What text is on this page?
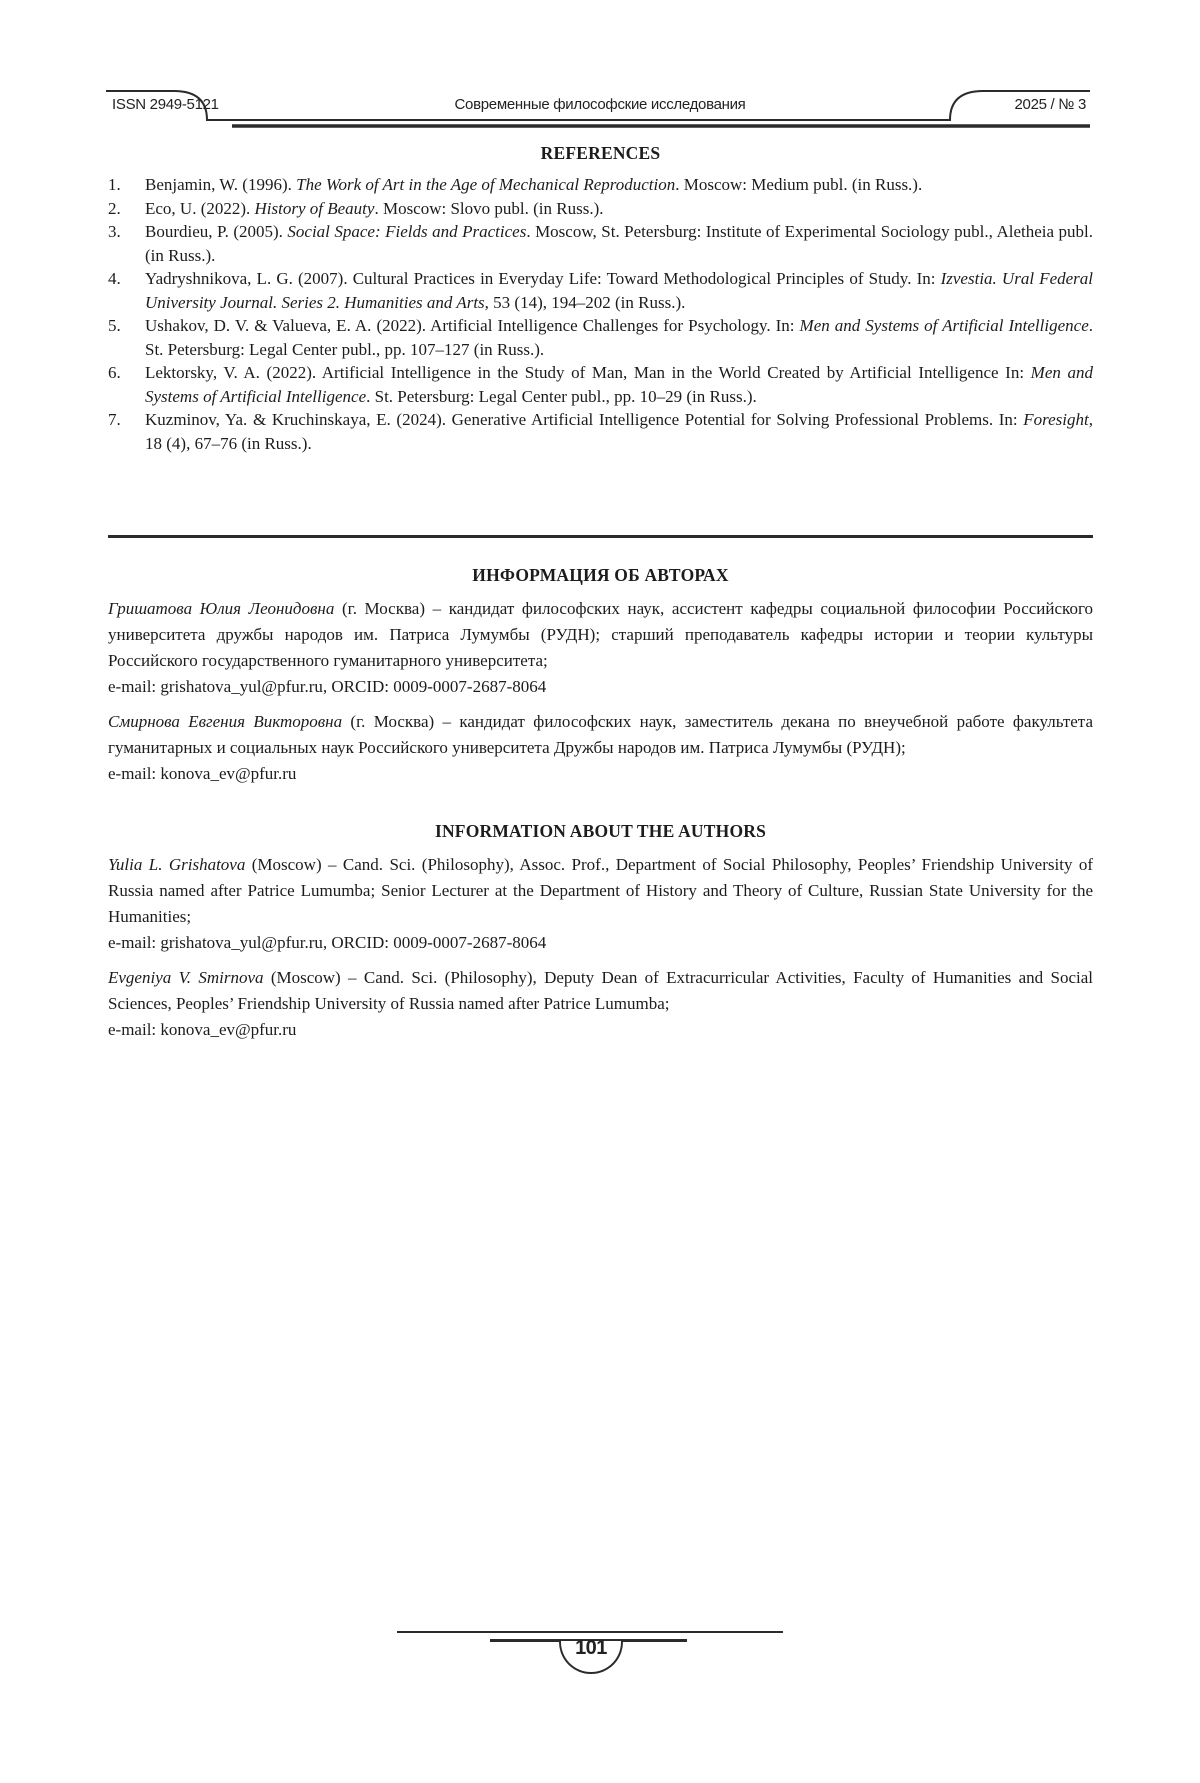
ISSN 2949-5121	Современные философские исследования	2025 / № 3
REFERENCES
1.	Benjamin, W. (1996). The Work of Art in the Age of Mechanical Reproduction. Moscow: Medium publ. (in Russ.).
2.	Eco, U. (2022). History of Beauty. Moscow: Slovo publ. (in Russ.).
3.	Bourdieu, P. (2005). Social Space: Fields and Practices. Moscow, St. Petersburg: Institute of Experimental Sociology publ., Aletheia publ. (in Russ.).
4.	Yadryshnikova, L. G. (2007). Cultural Practices in Everyday Life: Toward Methodological Principles of Study. In: Izvestia. Ural Federal University Journal. Series 2. Humanities and Arts, 53 (14), 194–202 (in Russ.).
5.	Ushakov, D. V. & Valueva, E. A. (2022). Artificial Intelligence Challenges for Psychology. In: Men and Systems of Artificial Intelligence. St. Petersburg: Legal Center publ., pp. 107–127 (in Russ.).
6.	Lektorsky, V. A. (2022). Artificial Intelligence in the Study of Man, Man in the World Created by Artificial Intelligence In: Men and Systems of Artificial Intelligence. St. Petersburg: Legal Center publ., pp. 10–29 (in Russ.).
7.	Kuzminov, Ya. & Kruchinskaya, E. (2024). Generative Artificial Intelligence Potential for Solving Professional Problems. In: Foresight, 18 (4), 67–76 (in Russ.).
ИНФОРМАЦИЯ ОБ АВТОРАХ

Гришатова Юлия Леонидовна (г. Москва) – кандидат философских наук, ассистент кафедры социальной философии Российского университета дружбы народов им. Патриса Лумумбы (РУДН); старший преподаватель кафедры истории и теории культуры Российского государственного гуманитарного университета;

e-mail: grishatova_yul@pfur.ru, ORCID: 0009-0007-2687-8064

Смирнова Евгения Викторовна (г. Москва) – кандидат философских наук, заместитель декана по внеучебной работе факультета гуманитарных и социальных наук Российского университета Дружбы народов им. Патриса Лумумбы (РУДН);

e-mail: konova_ev@pfur.ru

INFORMATION ABOUT THE AUTHORS

Yulia L. Grishatova (Moscow) – Cand. Sci. (Philosophy), Assoc. Prof., Department of Social Philosophy, Peoples’ Friendship University of Russia named after Patrice Lumumba; Senior Lecturer at the Department of History and Theory of Culture, Russian State University for the Humanities;

e-mail: grishatova_yul@pfur.ru, ORCID: 0009-0007-2687-8064

Evgeniya V. Smirnova (Moscow) – Cand. Sci. (Philosophy), Deputy Dean of Extracurricular Activities, Faculty of Humanities and Social Sciences, Peoples’ Friendship University of Russia named after Patrice Lumumba;

e-mail: konova_ev@pfur.ru

101
